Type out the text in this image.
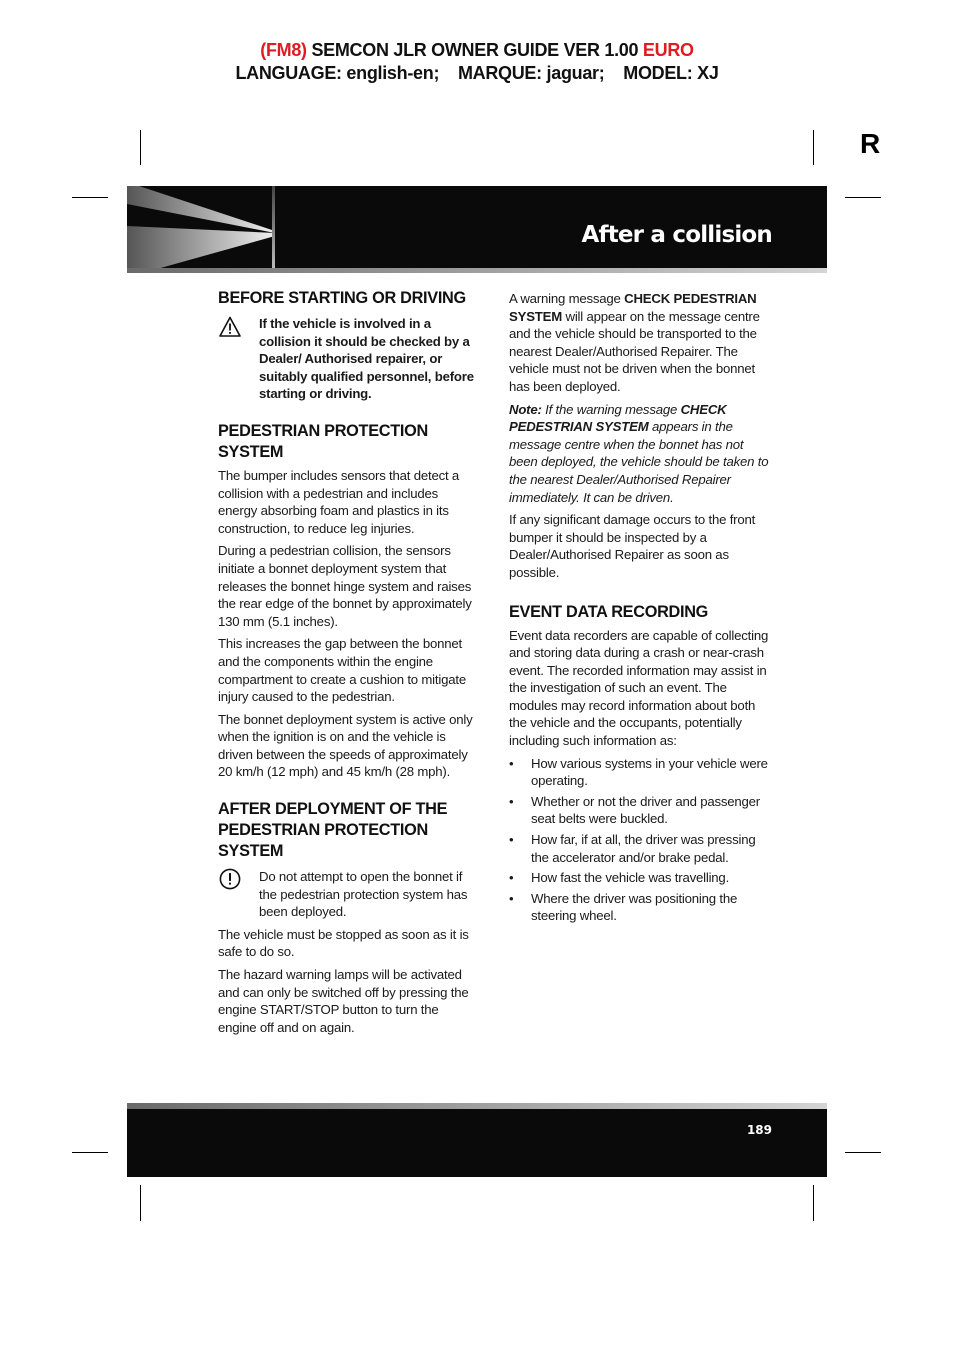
(FM8) SEMCON JLR OWNER GUIDE VER 1.00 EURO
LANGUAGE: english-en;    MARQUE: jaguar;    MODEL: XJ
R
After a collision
BEFORE STARTING OR DRIVING

If the vehicle is involved in a collision it should be checked by a Dealer/ Authorised repairer, or suitably qualified personnel, before starting or driving.

PEDESTRIAN PROTECTION SYSTEM

The bumper includes sensors that detect a collision with a pedestrian and includes energy absorbing foam and plastics in its construction, to reduce leg injuries.

During a pedestrian collision, the sensors initiate a bonnet deployment system that releases the bonnet hinge system and raises the rear edge of the bonnet by approximately 130 mm (5.1 inches).

This increases the gap between the bonnet and the components within the engine compartment to create a cushion to mitigate injury caused to the pedestrian.

The bonnet deployment system is active only when the ignition is on and the vehicle is driven between the speeds of approximately 20 km/h (12 mph) and 45 km/h (28 mph).

AFTER DEPLOYMENT OF THE
PEDESTRIAN PROTECTION SYSTEM

Do not attempt to open the bonnet if the pedestrian protection system has been deployed.

The vehicle must be stopped as soon as it is safe to do so.

The hazard warning lamps will be activated and can only be switched off by pressing the engine START/STOP button to turn the engine off and on again.

A warning message CHECK PEDESTRIAN SYSTEM will appear on the message centre and the vehicle should be transported to the nearest Dealer/Authorised Repairer. The vehicle must not be driven when the bonnet has been deployed.

Note: If the warning message CHECK PEDESTRIAN SYSTEM appears in the message centre when the bonnet has not been deployed, the vehicle should be taken to the nearest Dealer/Authorised Repairer immediately. It can be driven.

If any significant damage occurs to the front bumper it should be inspected by a Dealer/Authorised Repairer as soon as possible.

EVENT DATA RECORDING

Event data recorders are capable of collecting and storing data during a crash or near-crash event. The recorded information may assist in the investigation of such an event. The modules may record information about both the vehicle and the occupants, potentially including such information as:

• How various systems in your vehicle were operating.
• Whether or not the driver and passenger seat belts were buckled.
• How far, if at all, the driver was pressing the accelerator and/or brake pedal.
• How fast the vehicle was travelling.
• Where the driver was positioning the steering wheel.
189
